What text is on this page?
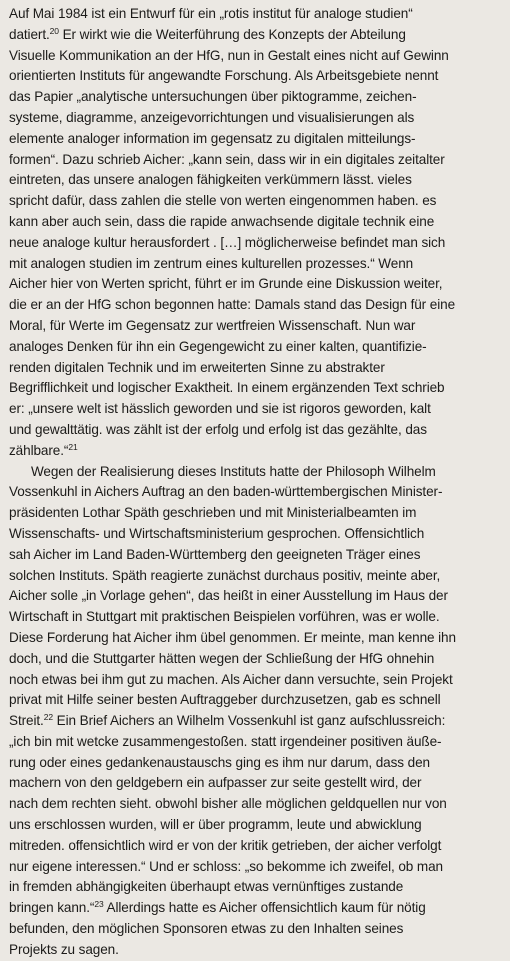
Auf Mai 1984 ist ein Entwurf für ein „rotis institut für analoge studien“
datiert.$^{20}$ Er wirkt wie die Weiterführung des Konzepts der Abteilung
Visuelle Kommunikation an der HfG, nun in Gestalt eines nicht auf Gewinn
orientierten Instituts für angewandte Forschung. Als Arbeitsgebiete nennt
das Papier „analytische untersuchungen über piktogramme, zeichen-
systeme, diagramme, anzeigevorrichtungen und visualisierungen als
elemente analoger information im gegensatz zu digitalen mitteilungs-
formen“. Dazu schrieb Aicher: „kann sein, dass wir in ein digitales zeitalter
eintreten, das unsere analogen fähigkeiten verkümmern lässt. vieles
spricht dafür, dass zahlen die stelle von werten eingenommen haben. es
kann aber auch sein, dass die rapide anwachsende digitale technik eine
neue analoge kultur herausfordert . […] möglicherweise befindet man sich
mit analogen studien im zentrum eines kulturellen prozesses.“ Wenn
Aicher hier von Werten spricht, führt er im Grunde eine Diskussion weiter,
die er an der HfG schon begonnen hatte: Damals stand das Design für eine
Moral, für Werte im Gegensatz zur wertfreien Wissenschaft. Nun war
analoges Denken für ihn ein Gegengewicht zu einer kalten, quantifizie-
renden digitalen Technik und im erweiterten Sinne zu abstrakter
Begrifflichkeit und logischer Exaktheit. In einem ergänzenden Text schrieb
er: „unsere welt ist hässlich geworden und sie ist rigoros geworden, kalt
und gewalttätig. was zählt ist der erfolg und erfolg ist das gezählte, das
zählbare.“$^{21}$

Wegen der Realisierung dieses Instituts hatte der Philosoph Wilhelm
Vossenkuhl in Aichers Auftrag an den baden-württembergischen Minister-
präsidenten Lothar Späth geschrieben und mit Ministerialbeamten im
Wissenschafts- und Wirtschaftsministerium gesprochen. Offensichtlich
sah Aicher im Land Baden-Württemberg den geeigneten Träger eines
solchen Instituts. Späth reagierte zunächst durchaus positiv, meinte aber,
Aicher solle „in Vorlage gehen“, das heißt in einer Ausstellung im Haus der
Wirtschaft in Stuttgart mit praktischen Beispielen vorführen, was er wolle.
Diese Forderung hat Aicher ihm übel genommen. Er meinte, man kenne ihn
doch, und die Stuttgarter hätten wegen der Schließung der HfG ohnehin
noch etwas bei ihm gut zu machen. Als Aicher dann versuchte, sein Projekt
privat mit Hilfe seiner besten Auftraggeber durchzusetzen, gab es schnell
Streit.$^{22}$ Ein Brief Aichers an Wilhelm Vossenkuhl ist ganz aufschlussreich:
„ich bin mit wetcke zusammengestoßen. statt irgendeiner positiven äuße-
rung oder eines gedankenaustauschs ging es ihm nur darum, dass den
machern von den geldgebern ein aufpasser zur seite gestellt wird, der
nach dem rechten sieht. obwohl bisher alle möglichen geldquellen nur von
uns erschlossen wurden, will er über programm, leute und abwicklung
mitreden. offensichtlich wird er von der kritik getrieben, der aicher verfolgt
nur eigene interessen.“ Und er schloss: „so bekomme ich zweifel, ob man
in fremden abhängigkeiten überhaupt etwas vernünftiges zustande
bringen kann.“$^{23}$ Allerdings hatte es Aicher offensichtlich kaum für nötig
befunden, den möglichen Sponsoren etwas zu den Inhalten seines
Projekts zu sagen.
